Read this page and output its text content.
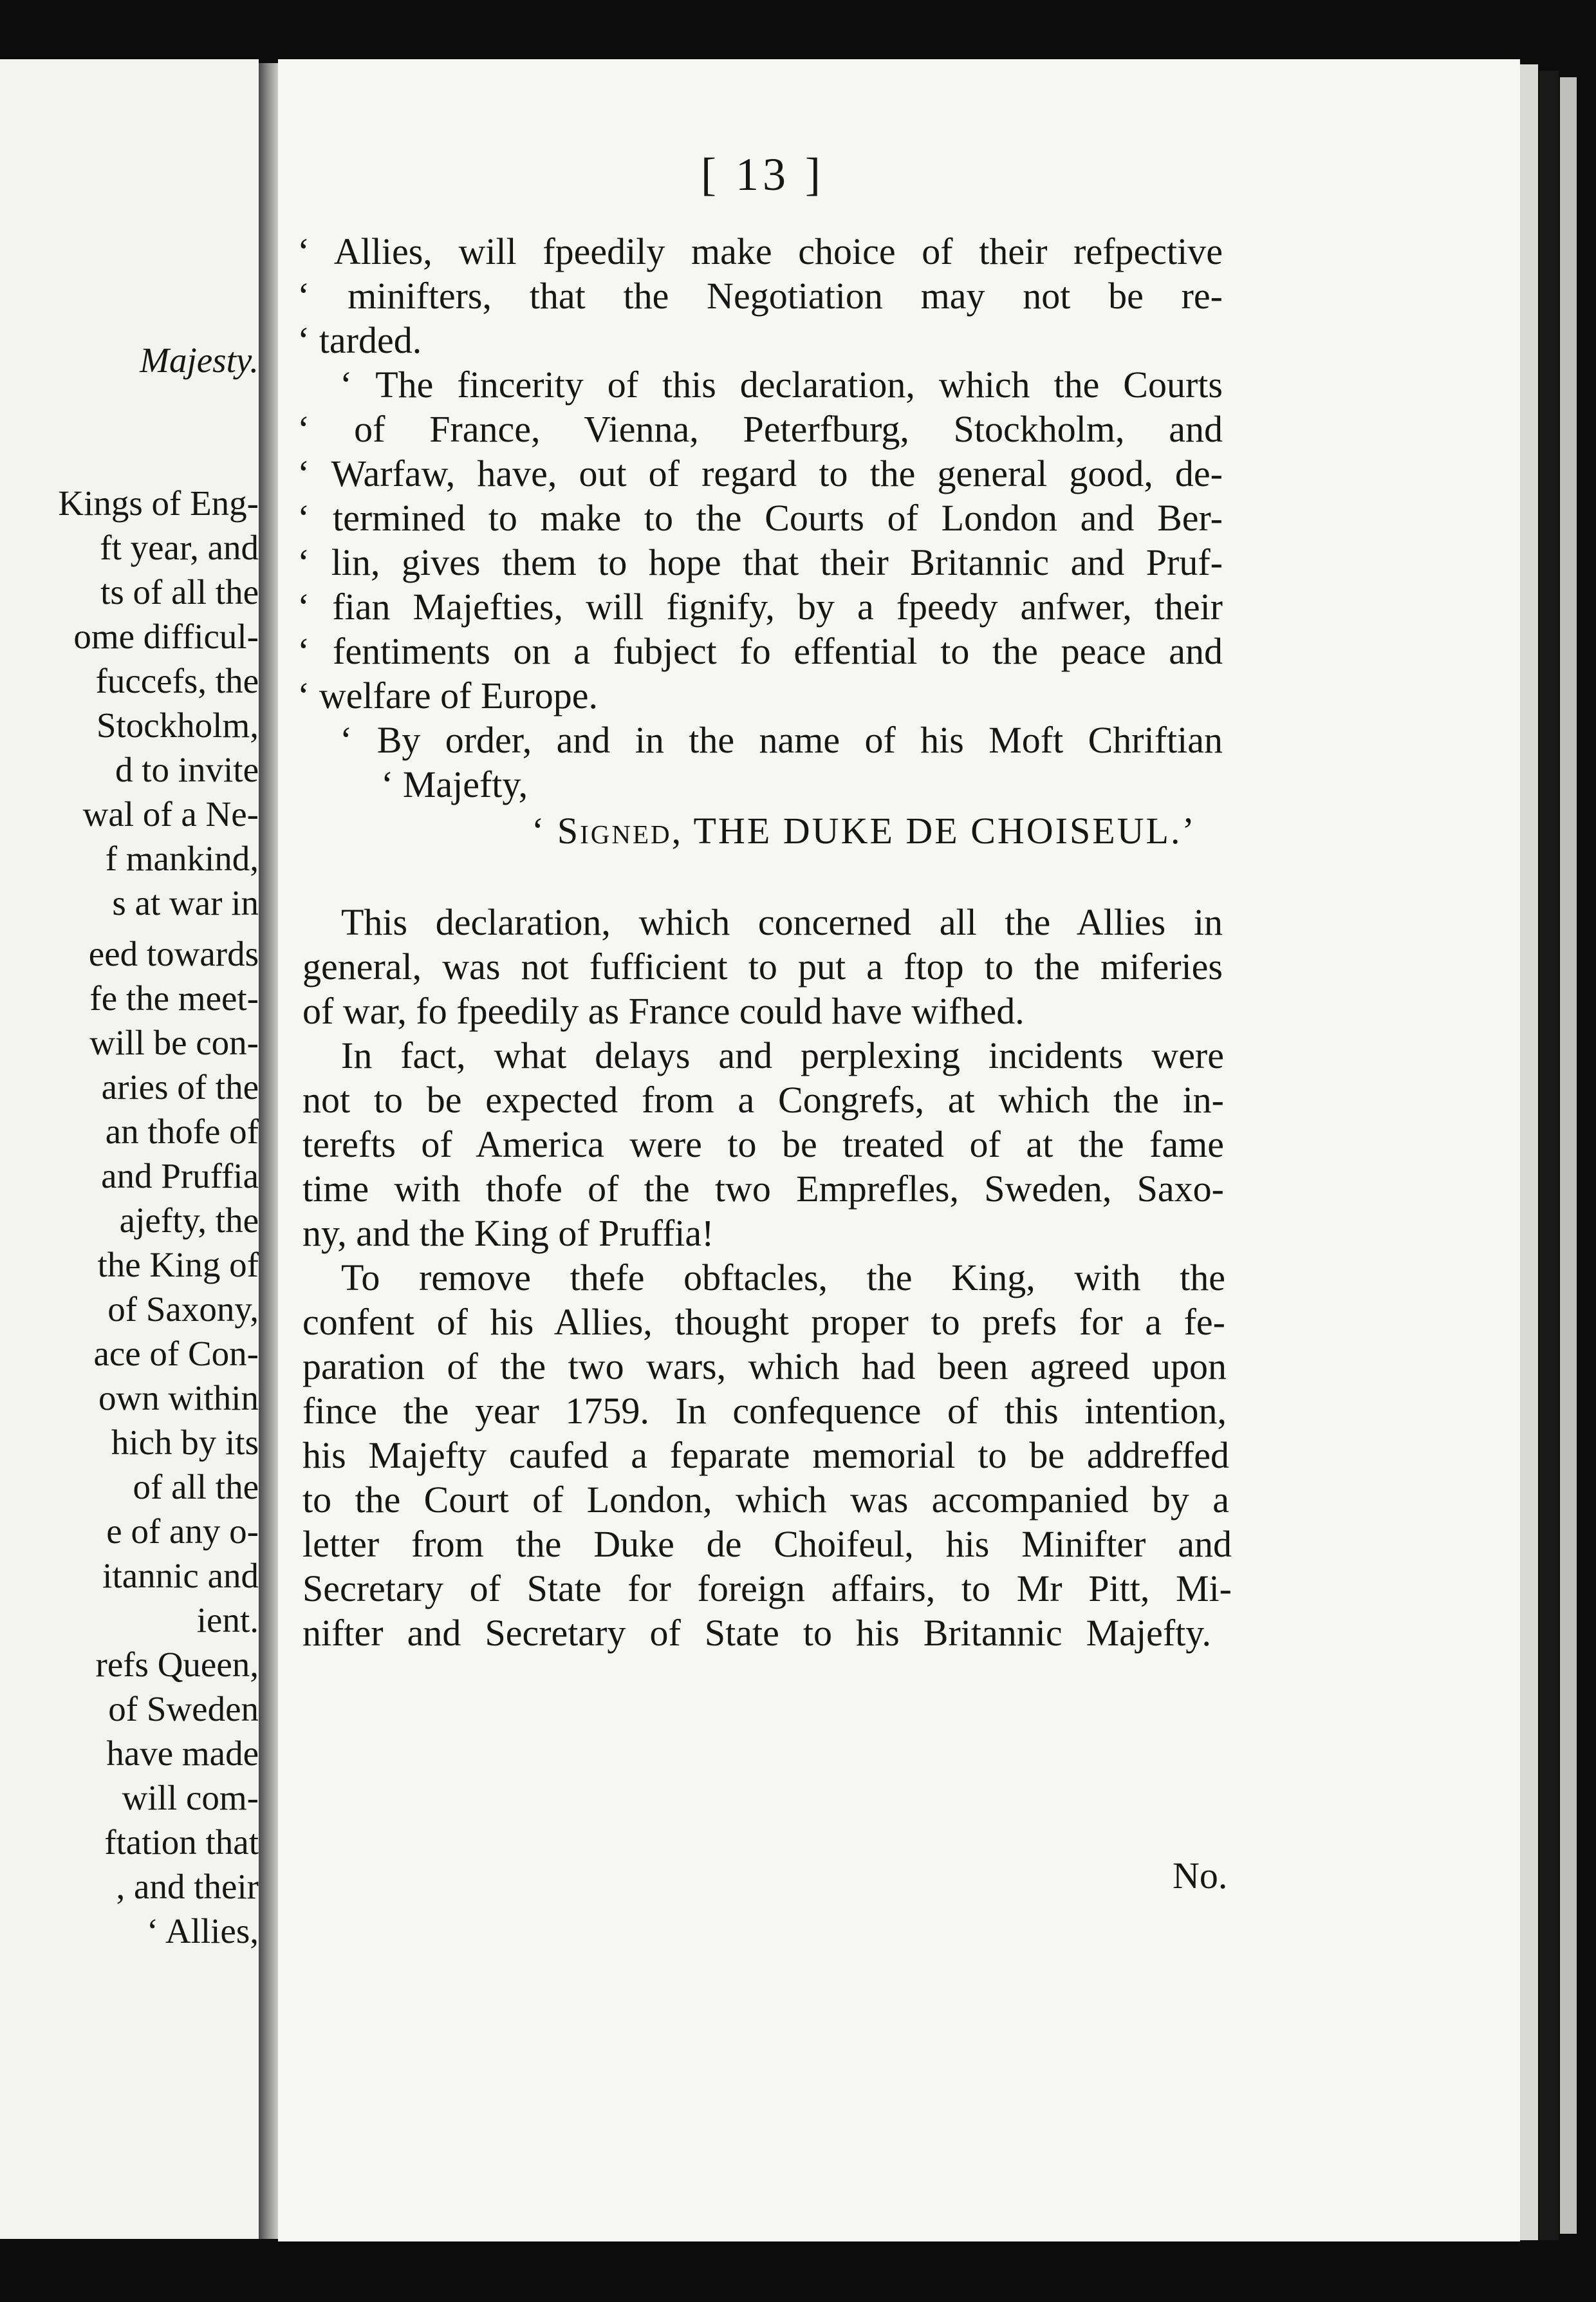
Majesty.
Kings of Eng-
ft year, and
ts of all the
ome difficul-
fuccefs, the
Stockholm,
d to invite
wal of a Ne-
f mankind,
s at war in
eed towards
fe the meet-
will be con-
aries of the
an thofe of
and Pruffia
ajefty, the
the King of
of Saxony,
ace of Con-
own within
hich by its
of all the
e of any o-
itannic and
ient.
refs Queen,
of Sweden
have made
will com-
ftation that
, and their
‘ Allies,
[ 13 ]
‘ Allies, will fpeedily make choice of their refpective
‘ minifters, that the Negotiation may not be re-
‘ tarded.
‘ The fincerity of this declaration, which the Courts
‘ of France, Vienna, Peterfburg, Stockholm, and
‘ Warfaw, have, out of regard to the general good, de-
‘ termined to make to the Courts of London and Ber-
‘ lin, gives them to hope that their Britannic and Pruf-
‘ fian Majefties, will fignify, by a fpeedy anfwer, their
‘ fentiments on a fubject fo effential to the peace and
‘ welfare of Europe.
‘ By order, and in the name of his Moft Chriftian
‘ Majefty,
‘ Signed, THE DUKE DE CHOISEUL.’
This declaration, which concerned all the Allies in
general, was not fufficient to put a ftop to the miferies
of war, fo fpeedily as France could have wifhed.
In fact, what delays and perplexing incidents were
not to be expected from a Congrefs, at which the in-
terefts of America were to be treated of at the fame
time with thofe of the two Emprefles, Sweden, Saxo-
ny, and the King of Pruffia!
To remove thefe obftacles, the King, with the
confent of his Allies, thought proper to prefs for a fe-
paration of the two wars, which had been agreed upon
fince the year 1759. In confequence of this intention,
his Majefty caufed a feparate memorial to be addreffed
to the Court of London, which was accompanied by a
letter from the Duke de Choifeul, his Minifter and
Secretary of State for foreign affairs, to Mr Pitt, Mi-
nifter and Secretary of State to his Britannic Majefty.
No.
